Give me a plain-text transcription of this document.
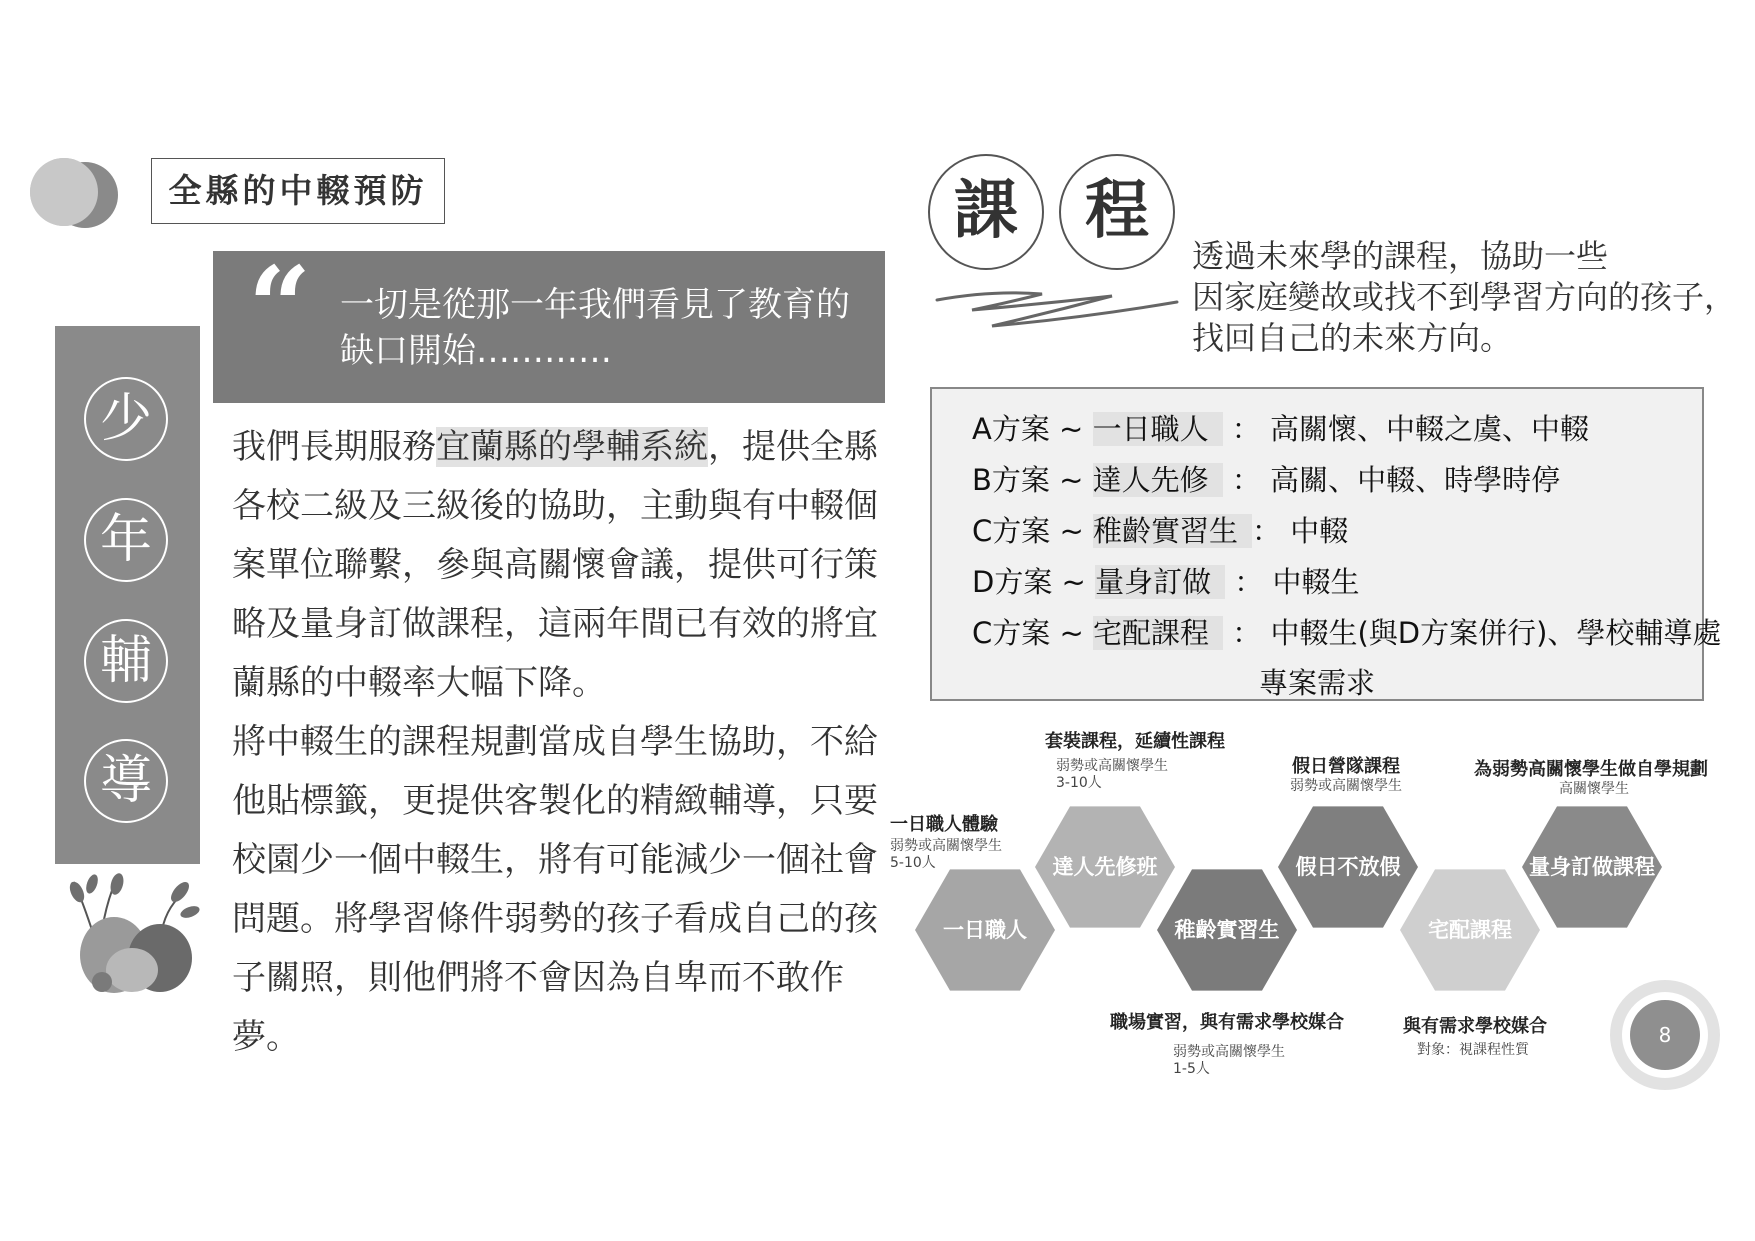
全縣的中輟預防
少
年
輔
導
“ 一切是從那一年我們看見了教育的缺口開始…………
我們長期服務宜蘭縣的學輔系統，提供全縣各校二級及三級後的協助，主動與有中輟個案單位聯繫，參與高關懷會議，提供可行策略及量身訂做課程，這兩年間已有效的將宜蘭縣的中輟率大幅下降。
將中輟生的課程規劃當成自學生協助，不給他貼標籤，更提供客製化的精緻輔導，只要校園少一個中輟生，將有可能減少一個社會問題。將學習條件弱勢的孩子看成自己的孩子關照，則他們將不會因為自卑而不敢作夢。
課	程
透過未來學的課程，協助一些
因家庭變故或找不到學習方向的孩子，
找回自己的未來方向。
A方案 ~ 一日職人 ： 高關懷、中輟之虞、中輟
B方案 ~ 達人先修 ： 高關、中輟、時學時停
C方案 ~ 稚齡實習生 ： 中輟
D方案 ~ 量身訂做 ： 中輟生
C方案 ~ 宅配課程 ： 中輟生(與D方案併行)、學校輔導處
專案需求
一日職人體驗
弱勢或高關懷學生
5-10人
套裝課程，延續性課程
弱勢或高關懷學生
3-10人
職場實習，與有需求學校媒合
弱勢或高關懷學生
1-5人
假日營隊課程
弱勢或高關懷學生
與有需求學校媒合
對象：視課程性質
為弱勢高關懷學生做自學規劃
高關懷學生
一日職人
達人先修班
稚齡實習生
假日不放假
宅配課程
量身訂做課程
8
